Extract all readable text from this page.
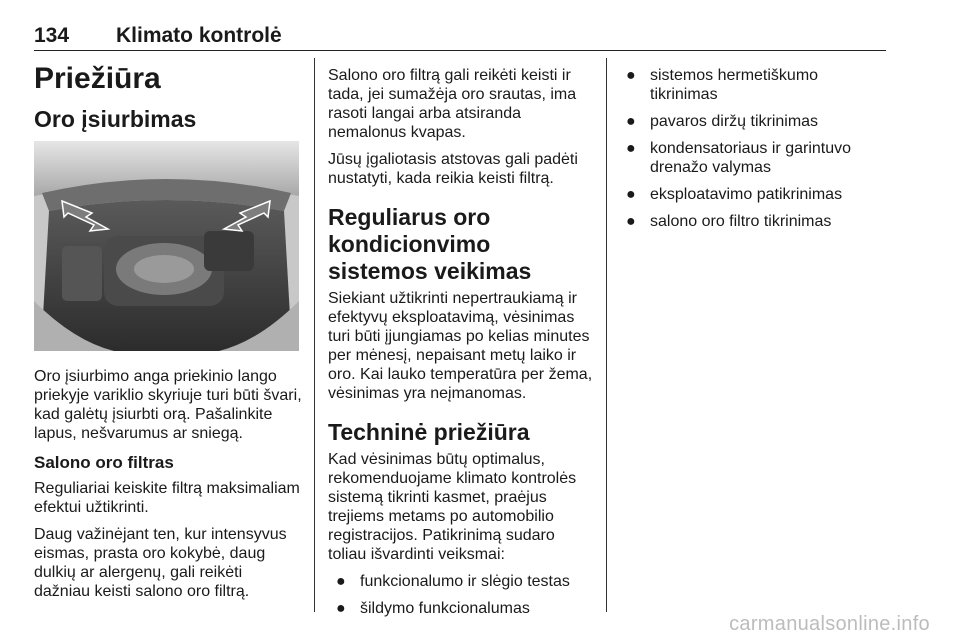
134 Klimato kontrolė
Priežiūra
Oro įsiurbimas

Oro įsiurbimo anga priekinio lango priekyje variklio skyriuje turi būti švari, kad galėtų įsiurbti orą. Pašalinkite lapus, nešvarumus ar sniegą.

Salono oro filtras

Reguliariai keiskite filtrą maksimaliam efektui užtikrinti.

Daug važinėjant ten, kur intensyvus eismas, prasta oro kokybė, daug dulkių ar alergenų, gali reikėti dažniau keisti salono oro filtrą.

Salono oro filtrą gali reikėti keisti ir tada, jei sumažėja oro srautas, ima rasoti langai arba atsiranda nemalonus kvapas.

Jūsų įgaliotasis atstovas gali padėti nustatyti, kada reikia keisti filtrą.

Reguliarus oro kondicionvimo sistemos veikimas

Siekiant užtikrinti nepertraukiamą ir efektyvų eksploatavimą, vėsinimas turi būti įjungiamas po kelias minutes per mėnesį, nepaisant metų laiko ir oro. Kai lauko temperatūra per žema, vėsinimas yra neįmanomas.

Techninė priežiūra

Kad vėsinimas būtų optimalus, rekomenduojame klimato kontrolės sistemą tikrinti kasmet, praėjus trejiems metams po automobilio registracijos. Patikrinimą sudaro toliau išvardinti veiksmai:

● funkcionalumo ir slėgio testas
● šildymo funkcionalumas
● sistemos hermetiškumo tikrinimas
● pavaros diržų tikrinimas
● kondensatoriaus ir garintuvo drenažo valymas
● eksploatavimo patikrinimas
● salono oro filtro tikrinimas
carmanualsonline.info
